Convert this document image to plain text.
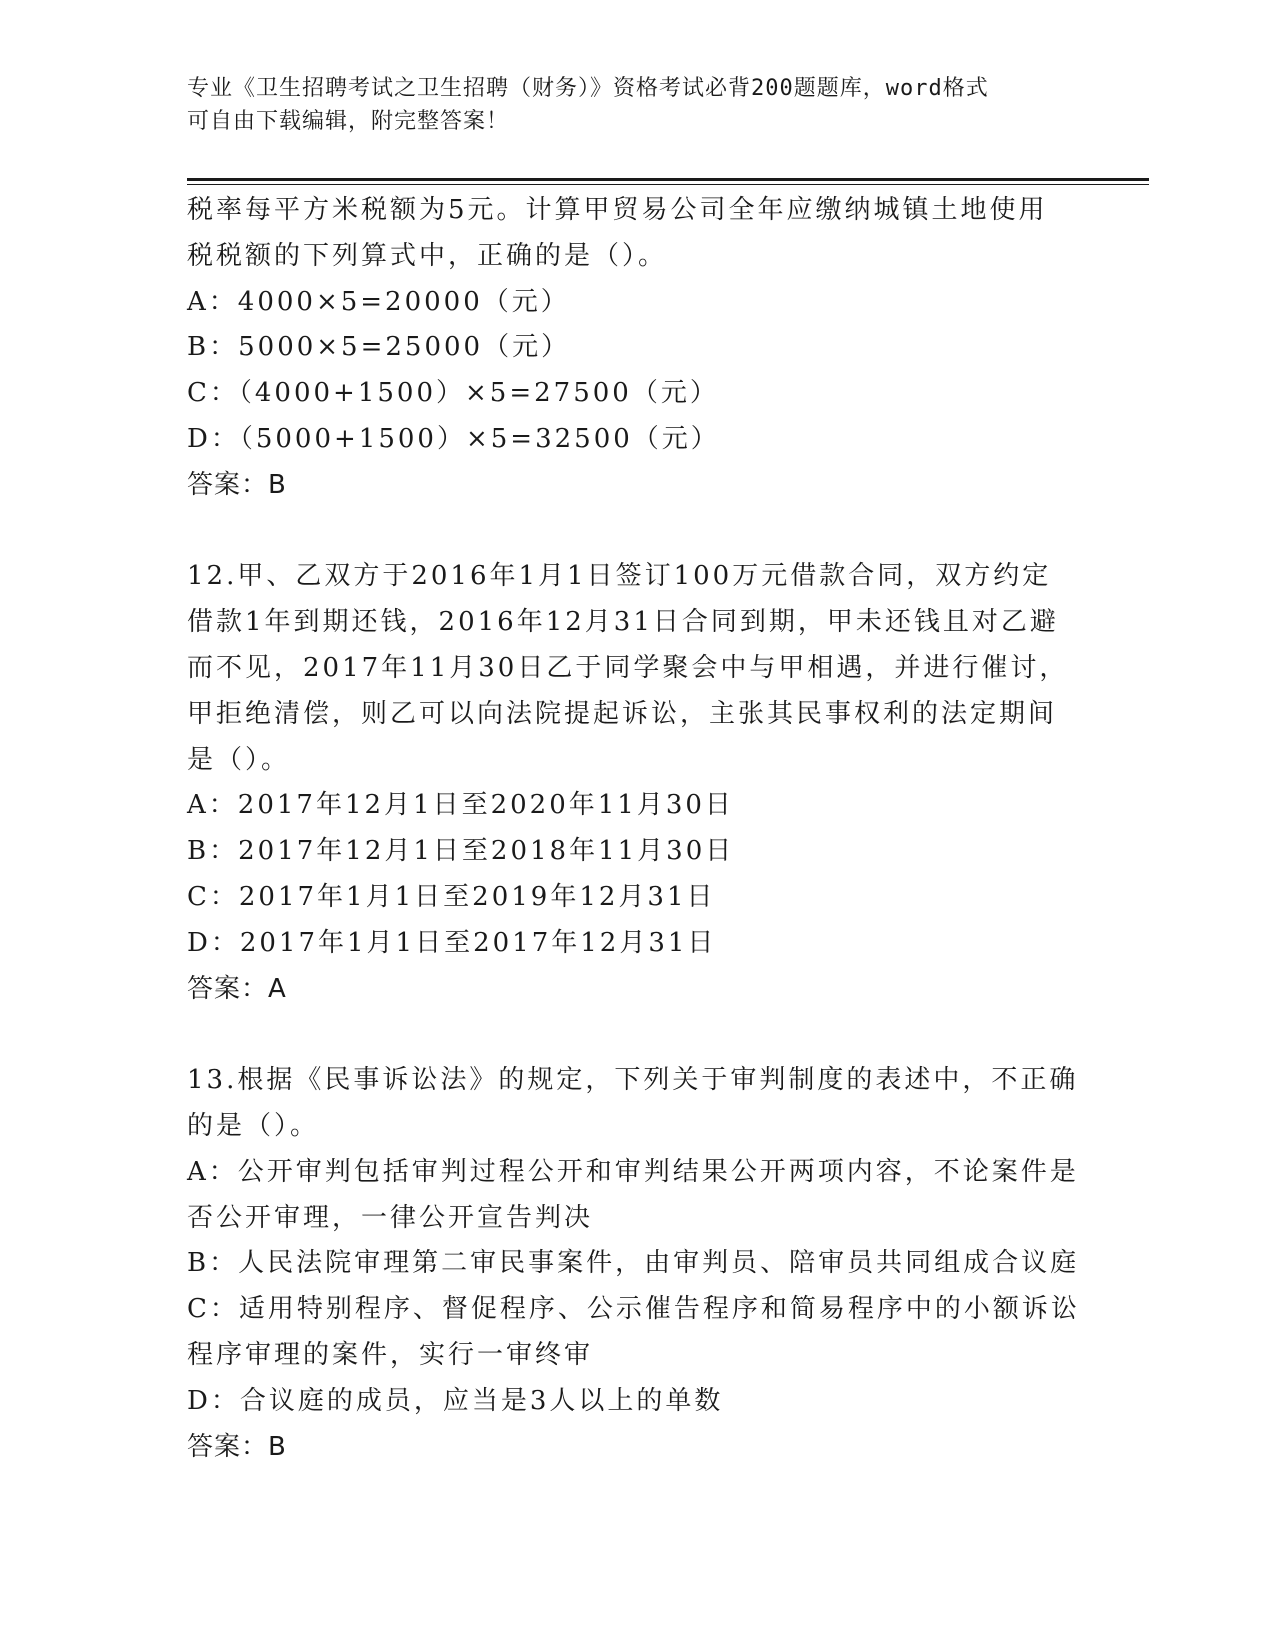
专业《卫生招聘考试之卫生招聘（财务）》资格考试必背200题题库，word格式
可自由下载编辑，附完整答案！
税率每平方米税额为5元。计算甲贸易公司全年应缴纳城镇土地使用
税税额的下列算式中，正确的是（）。
A：4000×5=20000（元）
B：5000×5=25000（元）
C：（4000+1500）×5=27500（元）
D：（5000+1500）×5=32500（元）
答案：B
12.甲、乙双方于2016年1月1日签订100万元借款合同，双方约定
借款1年到期还钱，2016年12月31日合同到期，甲未还钱且对乙避
而不见，2017年11月30日乙于同学聚会中与甲相遇，并进行催讨，
甲拒绝清偿，则乙可以向法院提起诉讼，主张其民事权利的法定期间
是（）。
A：2017年12月1日至2020年11月30日
B：2017年12月1日至2018年11月30日
C：2017年1月1日至2019年12月31日
D：2017年1月1日至2017年12月31日
答案：A
13.根据《民事诉讼法》的规定，下列关于审判制度的表述中，不正确
的是（）。
A：公开审判包括审判过程公开和审判结果公开两项内容，不论案件是
否公开审理，一律公开宣告判决
B：人民法院审理第二审民事案件，由审判员、陪审员共同组成合议庭
C：适用特别程序、督促程序、公示催告程序和简易程序中的小额诉讼
程序审理的案件，实行一审终审
D：合议庭的成员，应当是3人以上的单数
答案：B
